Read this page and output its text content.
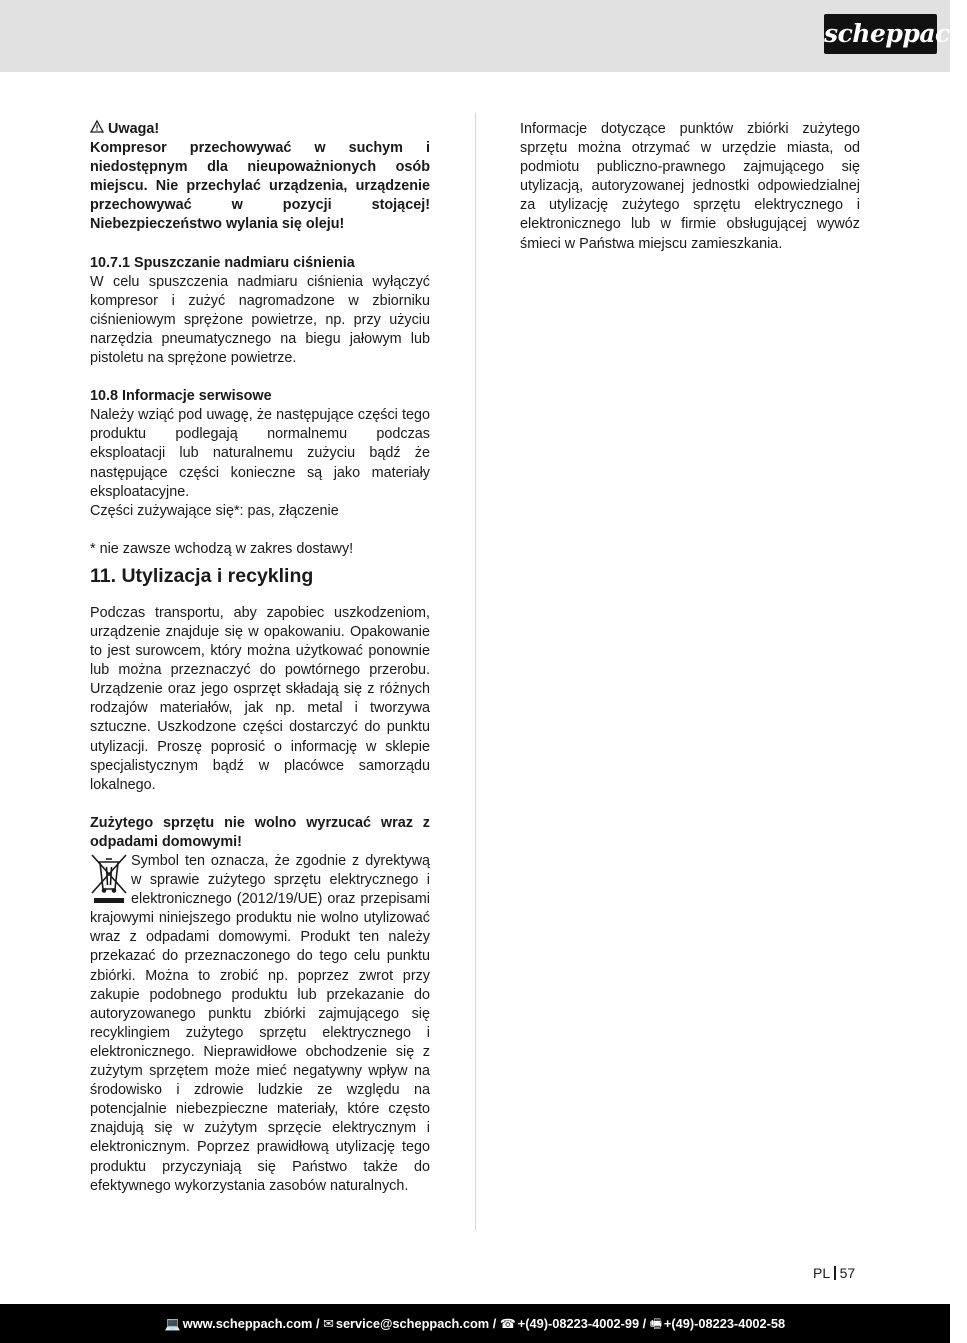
scheppach

Uwaga!

Kompresor przechowywać w suchym i niedostępnym dla nieupoważnionych osób miejscu. Nie przechylać urządzenia, urządzenie przechowywać w pozycji stojącej! Niebezpieczeństwo wylania się oleju!

10.7.1 Spuszczanie nadmiaru ciśnienia

W celu spuszczenia nadmiaru ciśnienia wyłączyć kompresor i zużyć nagromadzone w zbiorniku ciśnieniowym sprężone powietrze, np. przy użyciu narzędzia pneumatycznego na biegu jałowym lub pistoletu na sprężone powietrze.

10.8 Informacje serwisowe

Należy wziąć pod uwagę, że następujące części tego produktu podlegają normalnemu podczas eksploatacji lub naturalnemu zużyciu bądź że następujące części konieczne są jako materiały eksploatacyjne.

Części zużywające się*: pas, złączenie

* nie zawsze wchodzą w zakres dostawy!

11. Utylizacja i recykling

Podczas transportu, aby zapobiec uszkodzeniom, urządzenie znajduje się w opakowaniu. Opakowanie to jest surowcem, który można użytkować ponownie lub można przeznaczyć do powtórnego przerobu. Urządzenie oraz jego osprzęt składają się z różnych rodzajów materiałów, jak np. metal i tworzywa sztuczne. Uszkodzone części dostarczyć do punktu utylizacji. Proszę poprosić o informację w sklepie specjalistycznym bądź w placówce samorządu lokalnego.

Zużytego sprzętu nie wolno wyrzucać wraz z odpadami domowymi!

Symbol ten oznacza, że zgodnie z dyrektywą w sprawie zużytego sprzętu elektrycznego i elektronicznego (2012/19/UE) oraz przepisami krajowymi niniejszego produktu nie wolno utylizować wraz z odpadami domowymi. Produkt ten należy przekazać do przeznaczonego do tego celu punktu zbiórki. Można to zrobić np. poprzez zwrot przy zakupie podobnego produktu lub przekazanie do autoryzowanego punktu zbiórki zajmującego się recyklingiem zużytego sprzętu elektrycznego i elektronicznego. Nieprawidłowe obchodzenie się z zużytym sprzętem może mieć negatywny wpływ na środowisko i zdrowie ludzkie ze względu na potencjalnie niebezpieczne materiały, które często znajdują się w zużytym sprzęcie elektrycznym i elektronicznym. Poprzez prawidłową utylizację tego produktu przyczyniają się Państwo także do efektywnego wykorzystania zasobów naturalnych.

Informacje dotyczące punktów zbiórki zużytego sprzętu można otrzymać w urzędzie miasta, od podmiotu publiczno-prawnego zajmującego się utylizacją, autoryzowanej jednostki odpowiedzialnej za utylizację zużytego sprzętu elektrycznego i elektronicznego lub w firmie obsługującej wywóz śmieci w Państwa miejscu zamieszkania.

PL 57
💻 www.scheppach.com / ✉ service@scheppach.com / ☎ +(49)-08223-4002-99 / 🖷 +(49)-08223-4002-58
